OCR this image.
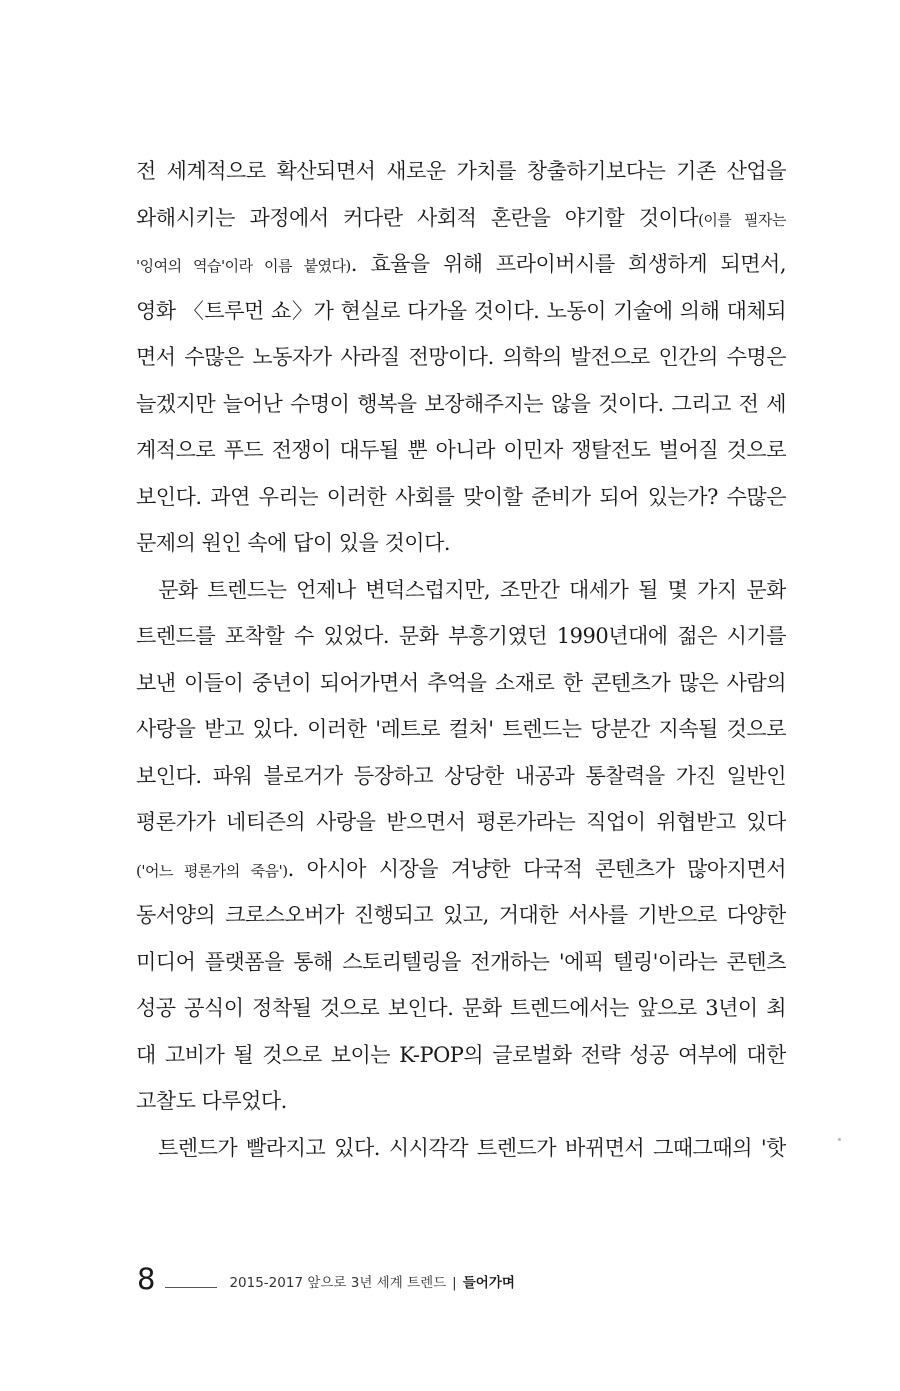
전 세계적으로 확산되면서 새로운 가치를 창출하기보다는 기존 산업을
와해시키는 과정에서 커다란 사회적 혼란을 야기할 것이다(이를 필자는
'잉여의 역습'이라 이름 붙였다). 효율을 위해 프라이버시를 희생하게 되면서,
영화 〈트루먼 쇼〉가 현실로 다가올 것이다. 노동이 기술에 의해 대체되
면서 수많은 노동자가 사라질 전망이다. 의학의 발전으로 인간의 수명은
늘겠지만 늘어난 수명이 행복을 보장해주지는 않을 것이다. 그리고 전 세
계적으로 푸드 전쟁이 대두될 뿐 아니라 이민자 쟁탈전도 벌어질 것으로
보인다. 과연 우리는 이러한 사회를 맞이할 준비가 되어 있는가? 수많은
문제의 원인 속에 답이 있을 것이다.
문화 트렌드는 언제나 변덕스럽지만, 조만간 대세가 될 몇 가지 문화
트렌드를 포착할 수 있었다. 문화 부흥기였던 1990년대에 젊은 시기를
보낸 이들이 중년이 되어가면서 추억을 소재로 한 콘텐츠가 많은 사람의
사랑을 받고 있다. 이러한 '레트로 컬처' 트렌드는 당분간 지속될 것으로
보인다. 파워 블로거가 등장하고 상당한 내공과 통찰력을 가진 일반인
평론가가 네티즌의 사랑을 받으면서 평론가라는 직업이 위협받고 있다
('어느 평론가의 죽음'). 아시아 시장을 겨냥한 다국적 콘텐츠가 많아지면서
동서양의 크로스오버가 진행되고 있고, 거대한 서사를 기반으로 다양한
미디어 플랫폼을 통해 스토리텔링을 전개하는 '에픽 텔링'이라는 콘텐츠
성공 공식이 정착될 것으로 보인다. 문화 트렌드에서는 앞으로 3년이 최
대 고비가 될 것으로 보이는 K-POP의 글로벌화 전략 성공 여부에 대한
고찰도 다루었다.
트렌드가 빨라지고 있다. 시시각각 트렌드가 바뀌면서 그때그때의 '핫
8	2015-2017 앞으로 3년 세계 트렌드 | 들어가며
